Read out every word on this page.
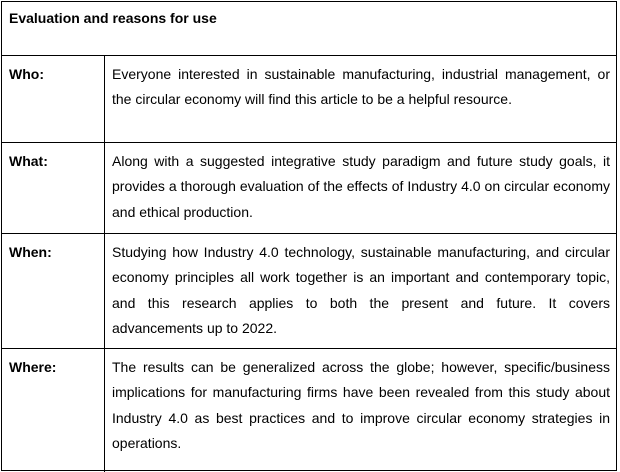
Evaluation and reasons for use
Who:	Everyone interested in sustainable manufacturing, industrial management, or the circular economy will find this article to be a helpful resource.
What:	Along with a suggested integrative study paradigm and future study goals, it provides a thorough evaluation of the effects of Industry 4.0 on circular economy and ethical production.
When:	Studying how Industry 4.0 technology, sustainable manufacturing, and circular economy principles all work together is an important and contemporary topic, and this research applies to both the present and future. It covers advancements up to 2022.
Where:	The results can be generalized across the globe; however, specific/business implications for manufacturing firms have been revealed from this study about Industry 4.0 as best practices and to improve circular economy strategies in operations.
